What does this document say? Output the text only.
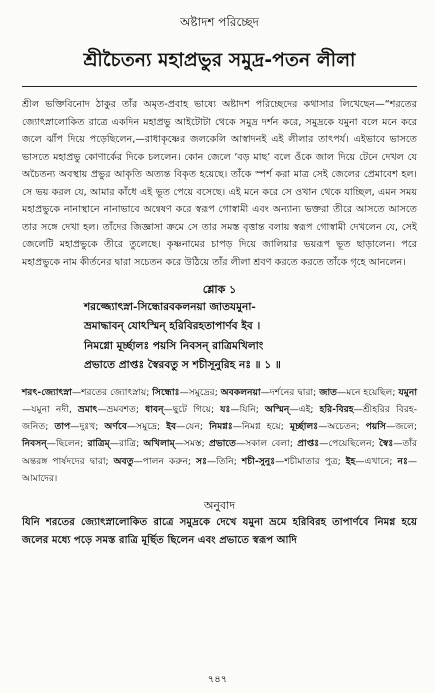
অষ্টাদশ পরিচ্ছেদ
শ্রীচৈতন্য মহাপ্রভুর সমুদ্র-পতন লীলা

শ্রীল ভক্তিবিনোদ ঠাকুর তাঁর অমৃত-প্রবাহ ভাষ্যে অষ্টাদশ পরিচ্ছেদের কথাসার লিখেছেন—“শরতের জ্যোৎস্নালোকিত রাত্রে একদিন মহাপ্রভু আইটোটা থেকে সমুদ্র দর্শন করে, সমুদ্রকে যমুনা বলে মনে করে জলে ঝাঁপ দিয়ে পড়েছিলেন,—রাধাকৃষ্ণের জলকেলি আস্বাদনই এই লীলার তাৎপর্য। এইভাবে ভাসতে ভাসতে মহাপ্রভু কোণার্কের দিকে চললেন। কোন জেলে ‘বড় মাছ’ বলে ওঁকে জাল দিয়ে টেনে দেখল যে অচৈতন্য অবস্থায় প্রভুর আকৃতি অত্যন্ত বিকৃত হয়েছে। তাঁকে স্পর্শ করা মাত্র সেই জেলের প্রেমাবেশ হল। সে ভয় করল যে, আমার কাঁধে এই ভূত পেয়ে বসেছে। এই মনে করে সে ওখান থেকে যাচ্ছিল, এমন সময় মহাপ্রভুকে নানাস্থানে নানাভাবে অন্বেষণ করে স্বরূপ গোস্বামী এবং অন্যান্য ভক্তরা তীরে আসতে আসতে তার সঙ্গে দেখা হল। তাঁদের জিজ্ঞাসা ক্রমে সে তার সমস্ত বৃত্তান্ত বলায় স্বরূপ গোস্বামী দেখলেন যে, সেই জেলেটি মহাপ্রভুকে তীরে তুলেছে। কৃষ্ণনামের চাপড় দিয়ে জালিয়ার ভয়রূপ ভূত ছাড়ালেন। পরে মহাপ্রভুকে নাম কীর্তনের দ্বারা সচেতন করে উঠিয়ে তাঁর লীলা শ্রবণ করতে করতে তাঁকে গৃহে আনলেন।

শ্লোক ১
শরজ্জ্যোৎস্না-সিন্ধোরবকলনয়া জাতযমুনা-
ভ্রমাদ্ধাবন্ যোঽস্মিন্ হরিবিরহতাপার্ণব ইব ।
নিমগ্নো মূর্চ্ছালঃ পয়সি নিবসন্ রাত্রিমখিলাং
প্রভাতে প্রাপ্তঃ স্বৈরবতু স শচীসূনুরিহ নঃ ॥ ১ ॥

শরৎ-জ্যোৎস্না—শরতের জ্যোৎস্নায়; সিন্ধোঃ—সমুদ্রের; অবকলনয়া—দর্শনের দ্বারা; জাত—মনে হয়েছিল; যমুনা—যমুনা নদী, ভ্রমাৎ—ভ্রমবশত; ধাবন্—ছুটে গিয়ে; যঃ—যিনি; অস্মিন্—এই; হরি-বিরহ—শ্রীহরির বিরহ-জনিত; তাপ—দুঃখ; অর্ণবে—সমুদ্রে; ইব—যেন; নিমগ্নঃ—নিমগ্ন হয়ে; মূর্চ্ছালঃ—অচেতন; পয়সি—জলে; নিবসন্—ছিলেন; রাত্রিম্—রাত্রি; অখিলাম্—সমস্ত; প্রভাতে—সকাল বেলা; প্রাপ্তঃ—পেয়েছিলেন; স্বৈঃ—তাঁর অন্তরঙ্গ পার্ষদদের দ্বারা; অবতু—পালন করুন; সঃ—তিনি; শচী-সুনুঃ—শচীমাতার পুত্র; ইহ—এখানে; নঃ—আমাদের।

অনুবাদ

যিনি শরতের জ্যোৎস্নালোকিত রাত্রে সমুদ্রকে দেখে যমুনা ভ্রমে হরিবিরহ তাপার্ণবে নিমগ্ন হয়ে জলের মধ্যে পড়ে সমস্ত রাত্রি মূর্ছিত ছিলেন এবং প্রভাতে স্বরূপ আদি

৭৪৭
